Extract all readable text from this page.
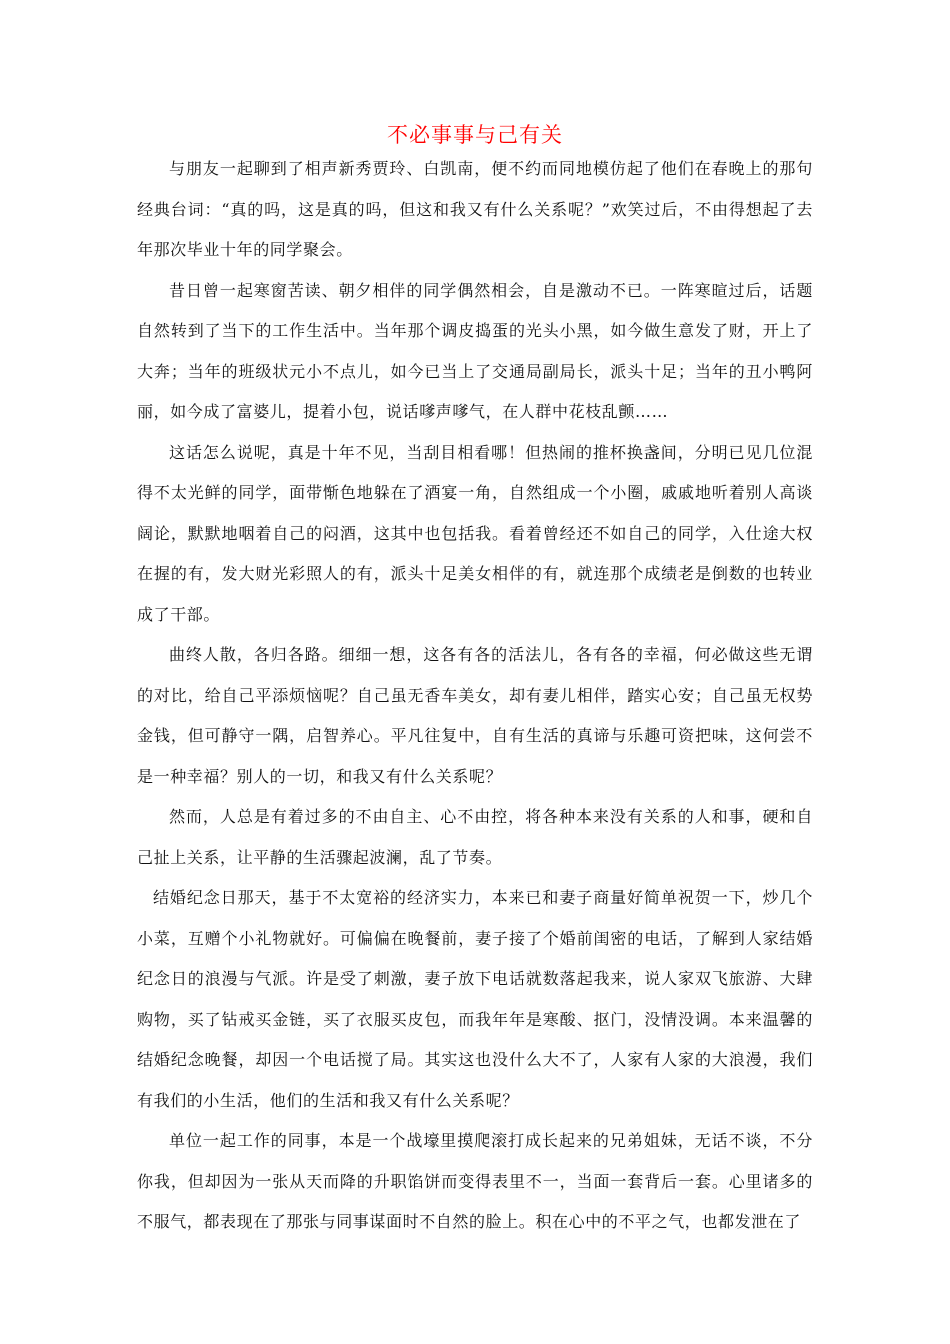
不必事事与己有关

与朋友一起聊到了相声新秀贾玲、白凯南，便不约而同地模仿起了他们在春晚上的那句经典台词：“真的吗，这是真的吗，但这和我又有什么关系呢？”欢笑过后，不由得想起了去年那次毕业十年的同学聚会。

昔日曾一起寒窗苦读、朝夕相伴的同学偶然相会，自是激动不已。一阵寒暄过后，话题自然转到了当下的工作生活中。当年那个调皮捣蛋的光头小黑，如今做生意发了财，开上了大奔；当年的班级状元小不点儿，如今已当上了交通局副局长，派头十足；当年的丑小鸭阿丽，如今成了富婆儿，提着小包，说话嗲声嗲气，在人群中花枝乱颤……

这话怎么说呢，真是十年不见，当刮目相看哪！但热闹的推杯换盏间，分明已见几位混得不太光鲜的同学，面带惭色地躲在了酒宴一角，自然组成一个小圈，戚戚地听着别人高谈阔论，默默地咽着自己的闷酒，这其中也包括我。看着曾经还不如自己的同学，入仕途大权在握的有，发大财光彩照人的有，派头十足美女相伴的有，就连那个成绩老是倒数的也转业成了干部。

曲终人散，各归各路。细细一想，这各有各的活法儿，各有各的幸福，何必做这些无谓的对比，给自己平添烦恼呢？自己虽无香车美女，却有妻儿相伴，踏实心安；自己虽无权势金钱，但可静守一隅，启智养心。平凡往复中，自有生活的真谛与乐趣可资把味，这何尝不是一种幸福？别人的一切，和我又有什么关系呢？

然而，人总是有着过多的不由自主、心不由控，将各种本来没有关系的人和事，硬和自己扯上关系，让平静的生活骤起波澜，乱了节奏。

结婚纪念日那天，基于不太宽裕的经济实力，本来已和妻子商量好简单祝贺一下，炒几个小菜，互赠个小礼物就好。可偏偏在晚餐前，妻子接了个婚前闺密的电话，了解到人家结婚纪念日的浪漫与气派。许是受了刺激，妻子放下电话就数落起我来，说人家双飞旅游、大肆购物，买了钻戒买金链，买了衣服买皮包，而我年年是寒酸、抠门，没情没调。本来温馨的结婚纪念晚餐，却因一个电话搅了局。其实这也没什么大不了，人家有人家的大浪漫，我们有我们的小生活，他们的生活和我又有什么关系呢？

单位一起工作的同事，本是一个战壕里摸爬滚打成长起来的兄弟姐妹，无话不谈，不分你我，但却因为一张从天而降的升职馅饼而变得表里不一，当面一套背后一套。心里诸多的不服气，都表现在了那张与同事谋面时不自然的脸上。积在心中的不平之气，也都发泄在了
